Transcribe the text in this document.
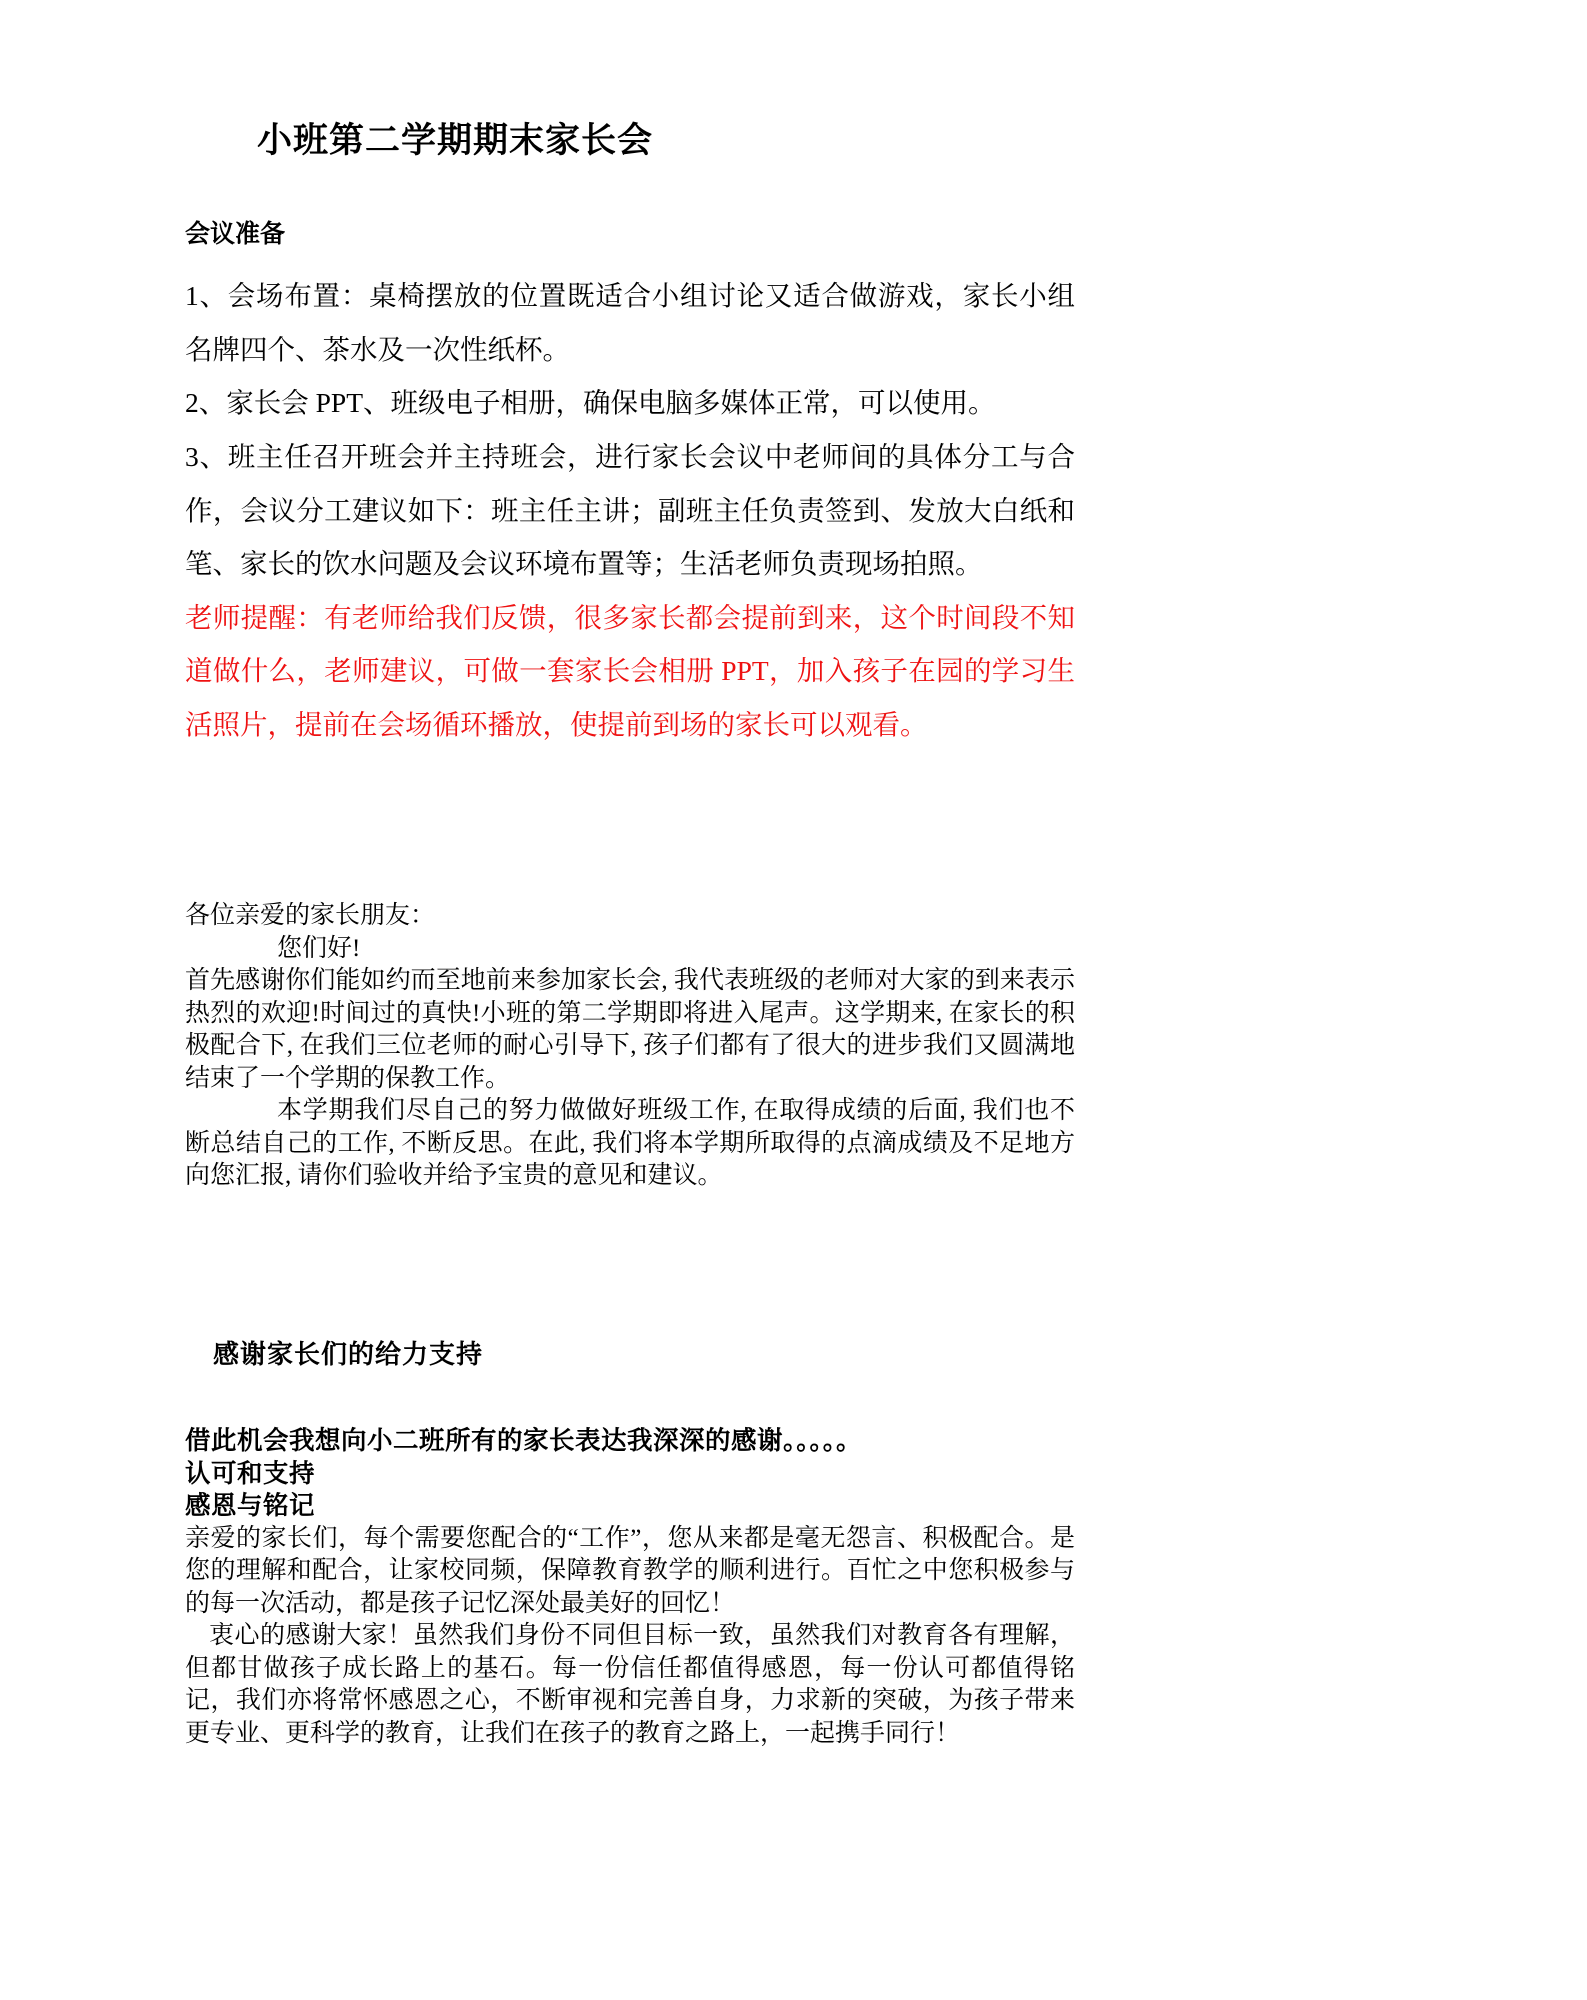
小班第二学期期末家长会
会议准备

1、会场布置：桌椅摆放的位置既适合小组讨论又适合做游戏，家长小组名牌四个、茶水及一次性纸杯。

2、家长会 PPT、班级电子相册，确保电脑多媒体正常，可以使用。

3、班主任召开班会并主持班会，进行家长会议中老师间的具体分工与合作，会议分工建议如下：班主任主讲；副班主任负责签到、发放大白纸和笔、家长的饮水问题及会议环境布置等；生活老师负责现场拍照。

老师提醒：有老师给我们反馈，很多家长都会提前到来，这个时间段不知道做什么，老师建议，可做一套家长会相册 PPT，加入孩子在园的学习生活照片，提前在会场循环播放，使提前到场的家长可以观看。

各位亲爱的家长朋友：

您们好!

首先感谢你们能如约而至地前来参加家长会, 我代表班级的老师对大家的到来表示热烈的欢迎!时间过的真快!小班的第二学期即将进入尾声。这学期来, 在家长的积极配合下, 在我们三位老师的耐心引导下, 孩子们都有了很大的进步我们又圆满地结束了一个学期的保教工作。

本学期我们尽自己的努力做做好班级工作, 在取得成绩的后面, 我们也不断总结自己的工作, 不断反思。在此, 我们将本学期所取得的点滴成绩及不足地方向您汇报, 请你们验收并给予宝贵的意见和建议。

感谢家长们的给力支持

借此机会我想向小二班所有的家长表达我深深的感谢。。。。。

认可和支持

感恩与铭记

亲爱的家长们，每个需要您配合的“工作”，您从来都是毫无怨言、积极配合。是您的理解和配合，让家校同频，保障教育教学的顺利进行。百忙之中您积极参与的每一次活动，都是孩子记忆深处最美好的回忆！

衷心的感谢大家！虽然我们身份不同但目标一致，虽然我们对教育各有理解，但都甘做孩子成长路上的基石。每一份信任都值得感恩，每一份认可都值得铭记，我们亦将常怀感恩之心，不断审视和完善自身，力求新的突破，为孩子带来更专业、更科学的教育，让我们在孩子的教育之路上，一起携手同行！
